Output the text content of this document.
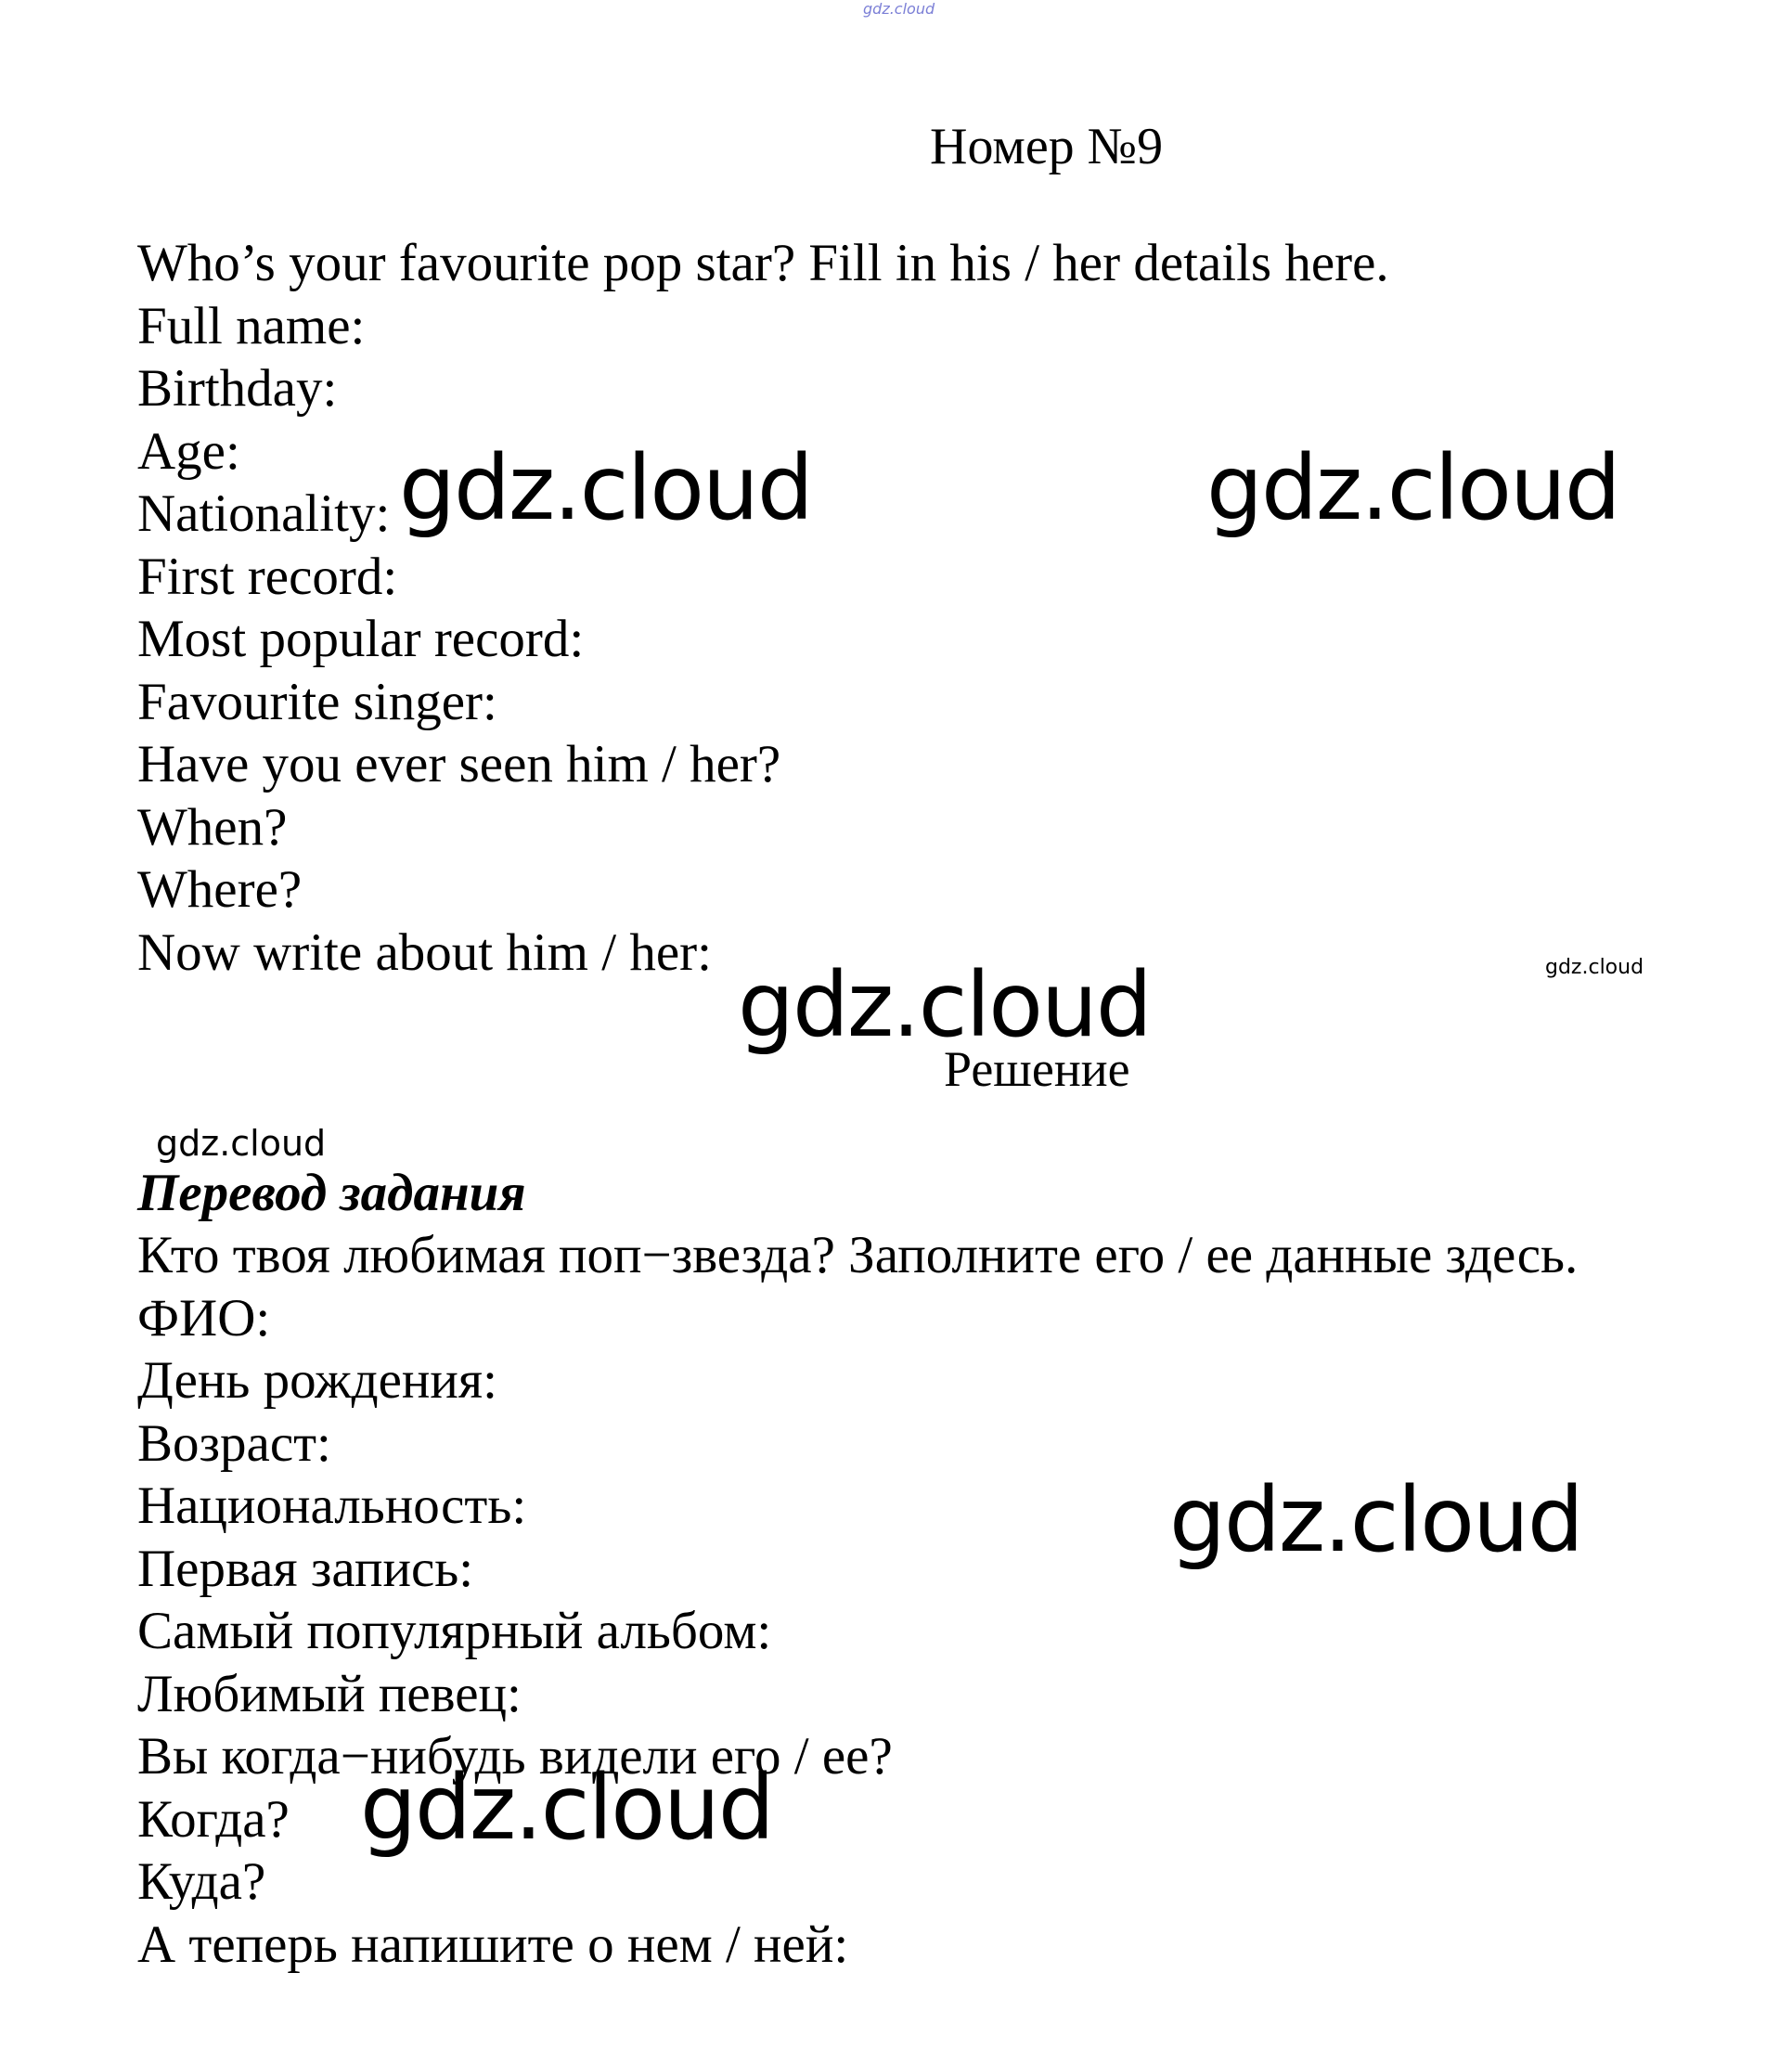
gdz.cloud
Номер №9
Who’s your favourite pop star? Fill in his / her details here.
Full name:
Birthday:
Age:
Nationality:
First record:
Most popular record:
Favourite singer:
Have you ever seen him / her?
When?
Where?
Now write about him / her:
gdz.cloud	gdz.cloud
gdz.cloud	gdz.cloud
Решение
gdz.cloud
Перевод задания
Кто твоя любимая поп−звезда? Заполните его / ее данные здесь.
ФИО:
День рождения:
Возраст:
Национальность:
Первая запись:
Самый популярный альбом:
Любимый певец:
Вы когда−нибудь видели его / ее?
Когда?
Куда?
А теперь напишите о нем / ней:
gdz.cloud
gdz.cloud
